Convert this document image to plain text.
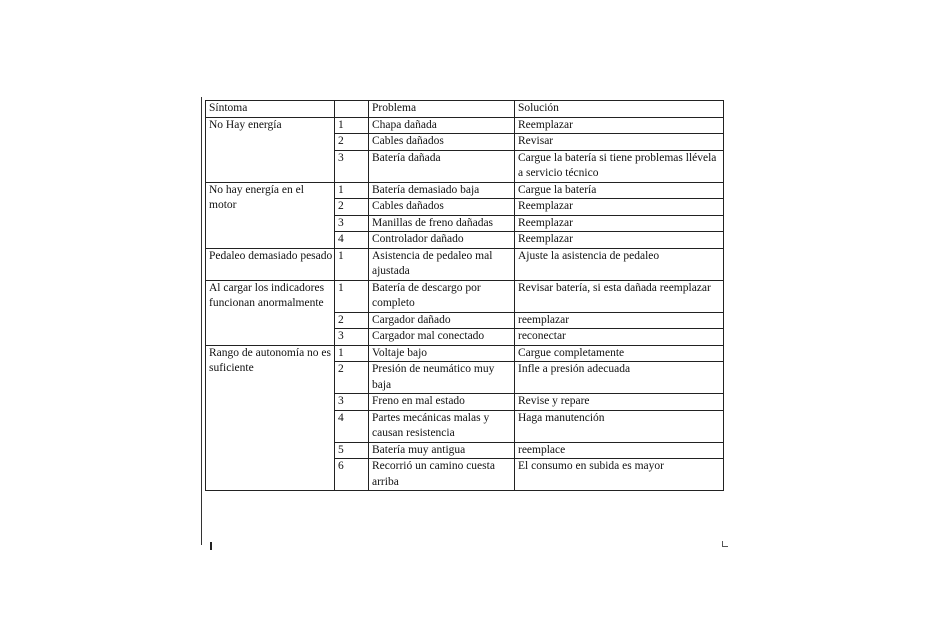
Síntoma		Problema	Solución
No Hay energía	1	Chapa dañada	Reemplazar
	2	Cables dañados	Revisar
	3	Batería dañada	Cargue la batería si tiene problemas llévela a servicio técnico
No hay energía en el motor	1	Batería demasiado baja	Cargue la batería
	2	Cables dañados	Reemplazar
	3	Manillas de freno dañadas	Reemplazar
	4	Controlador dañado	Reemplazar
Pedaleo demasiado pesado	1	Asistencia de pedaleo mal ajustada	Ajuste la asistencia de pedaleo
Al cargar los indicadores funcionan anormalmente	1	Batería de descargo por completo	Revisar batería, si esta dañada reemplazar
	2	Cargador dañado	reemplazar
	3	Cargador mal conectado	reconectar
Rango de autonomía no es suficiente	1	Voltaje bajo	Cargue completamente
	2	Presión de neumático muy baja	Infle a presión adecuada
	3	Freno en mal estado	Revise y repare
	4	Partes mecánicas malas y causan resistencia	Haga manutención
	5	Batería muy antigua	reemplace
	6	Recorrió un camino cuesta arriba	El consumo en subida es mayor
